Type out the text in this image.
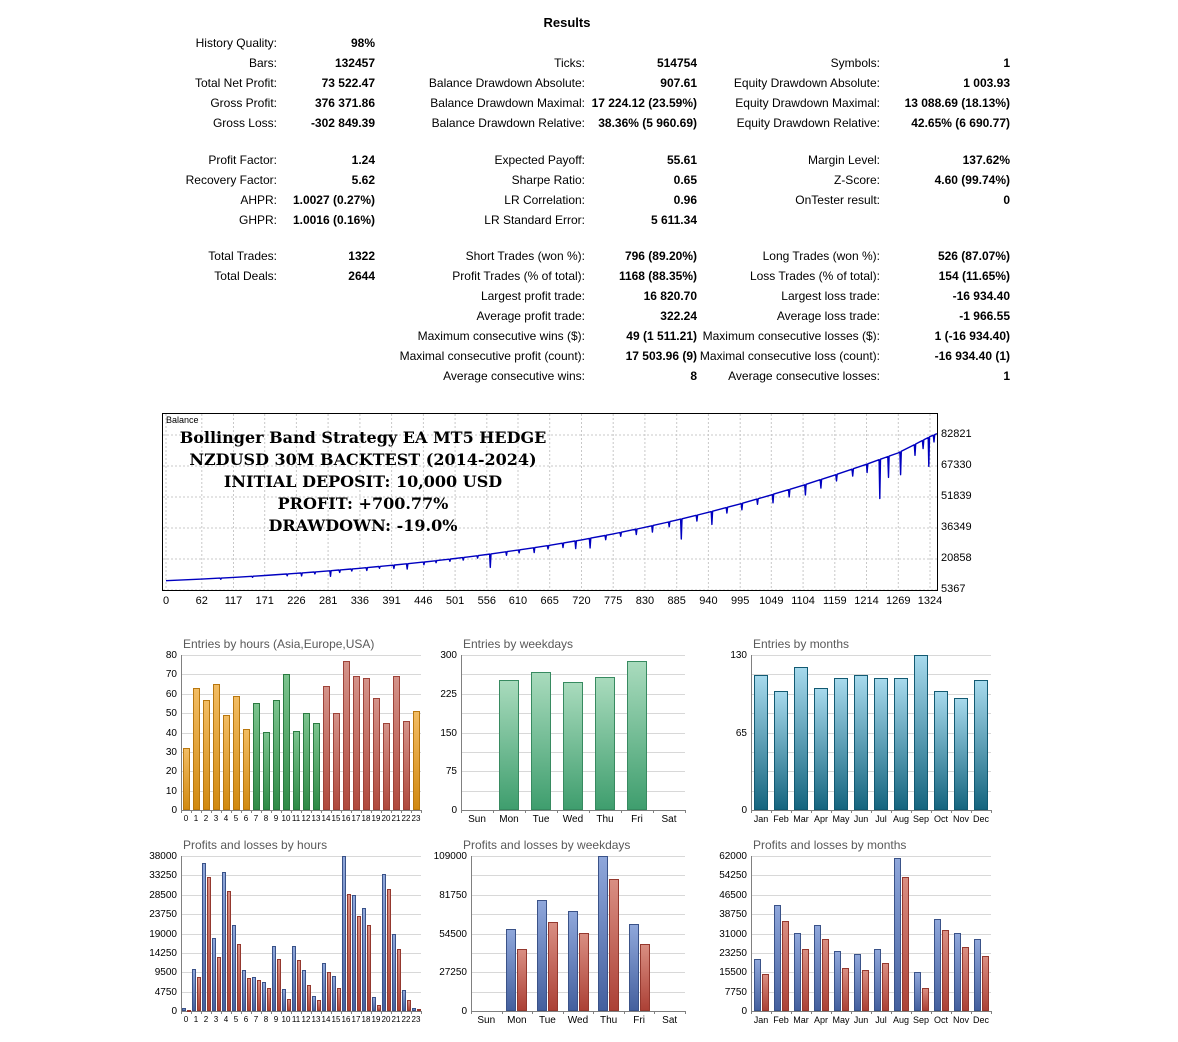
Results
History Quality:	98%
Bars:	132457	Ticks:	514754	Symbols:	1
Total Net Profit:	73 522.47	Balance Drawdown Absolute:	907.61	Equity Drawdown Absolute:	1 003.93
Gross Profit:	376 371.86	Balance Drawdown Maximal: 17 224.12 (23.59%)	Equity Drawdown Maximal: 13 088.69 (18.13%)
Gross Loss:	-302 849.39	Balance Drawdown Relative: 38.36% (5 960.69)	Equity Drawdown Relative:	42.65% (6 690.77)
Profit Factor:	1.24	Expected Payoff:	55.61	Margin Level:	137.62%
Recovery Factor:	5.62	Sharpe Ratio:	0.65	Z-Score:	4.60 (99.74%)
AHPR: 1.0027 (0.27%)	LR Correlation:	0.96	OnTester result:	0
GHPR: 1.0016 (0.16%)	LR Standard Error:	5 611.34
Total Trades:	1322	Short Trades (won %):	796 (89.20%)	Long Trades (won %):	526 (87.07%)
Total Deals:	2644	Profit Trades (% of total):	1168 (88.35%)	Loss Trades (% of total):	154 (11.65%)
Largest profit trade:	16 820.70	Largest loss trade:	-16 934.40
Average profit trade:	322.24	Average loss trade:	-1 966.55
Maximum consecutive wins ($):	49 (1 511.21) Maximum consecutive losses ($):	1 (-16 934.40)
Maximal consecutive profit (count):	17 503.96 (9) Maximal consecutive loss (count):	-16 934.40 (1)
Average consecutive wins:	8	Average consecutive losses:	1
Balance
Bollinger Band Strategy EA MT5 HEDGE
NZDUSD 30M BACKTEST (2014-2024)
INITIAL DEPOSIT: 10,000 USD
PROFIT: +700.77%
DRAWDOWN: -19.0%
Entries by hours (Asia,Europe,USA)
0 1 2 3 4 5 6 7 8 9 10 11 12 13 14 15 16 17 18 19 20 21 22 23
80
70
60
50
40
30
20
10
0
Entries by weekdays
Sun	Mon	Tue	Wed	Thu	Fri	Sat
300
225
150
75
0
Entries by months
Jan Feb Mar Apr May Jun Jul Aug Sep Oct Nov Dec
130
65
0
Profits and losses by hours
0 1 2 3 4 5 6 7 8 9 10 11 12 13 14 15 16 17 18 19 20 21 22 23
38000
33250
28500
23750
19000
14250
9500
4750
0
Profits and losses by weekdays
Sun	Mon	Tue	Wed	Thu	Fri	Sat
109000
81750
54500
27250
0
Profits and losses by months
Jan Feb Mar Apr May Jun Jul Aug Sep Oct Nov Dec
62000
54250
46500
38750
31000
23250
15500
7750
0
82821
67330
51839
36349
20858
5367
0	62	117	171	226	281	336	391	446	501	556	610	665	720	775	830	885	940	995 1049 1104 1159 1214 1269 1324
